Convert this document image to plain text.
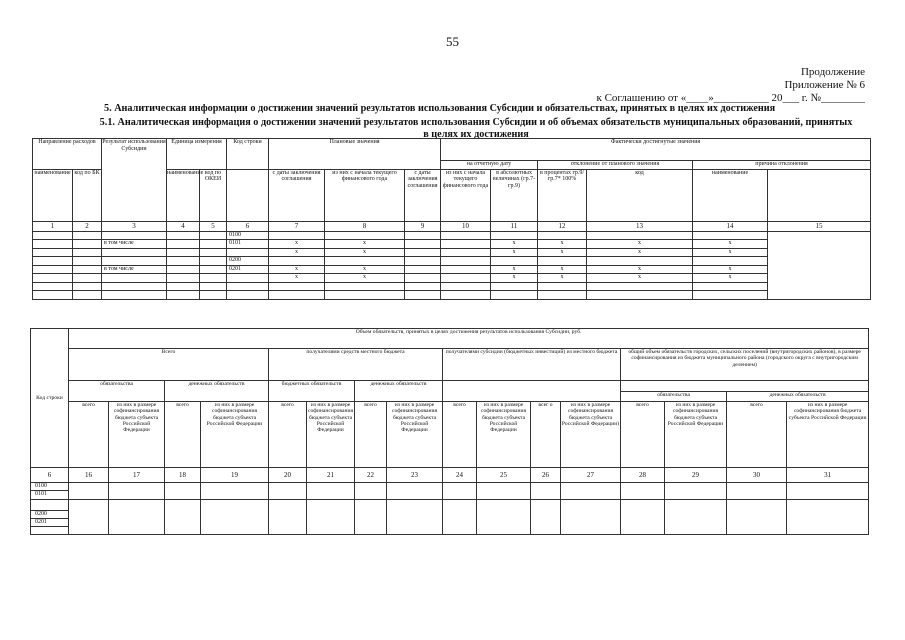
55
Продолжение
Приложение № 6
к Соглашению от «____»__________ 20___ г. №________
5. Аналитическая информации о достижении значений результатов использования Субсидии и обязательствах, принятых в целях их достижения
5.1. Аналитическая информация о достижении значений результатов использования Субсидии и об объемах обязательств муниципальных образований, принятых в целях их достижения
Направление расходов		Результат использования Субсидии	Единица измерения		Код строки	Плановые значения			Фактически достигнутые значения						

									на отчетную дату		отклонение от планового значения		причина отклонения	
наименование	код по БК		наименование	код по ОКЕИ		с даты заключения соглашения	из них с начала текущего финансового года	с даты заключения соглашения	из них с начала текущего финансового года	в абсолютных величинах (гр.7-гр.9)	в процентах гр.9/гр.7* 100%	код	наименование		
1	2	3	4	5	6	7	8	9	10	11	12	13	14	15	
					0100										
		в том числе			0101	x	x			x	x	x	x		
						x	x			x	x	x	x		
					0200										
		в том числе			0201	x	x			x	x	x	x		
						x	x			x	x	x	x		

Код строки	Объем обязательств, принятых в целях достижения результатов использования Субсидии, руб.															
	Всего				получателями средств местного бюджета				получателями субсидии (бюджетных инвестиций) из местного бюджета				общий объем обязательств городских, сельских поселений (внутригородских районов), в размере софинансирования из бюджета муниципального района (городского округа с внутригородским делением)			
	обязательства		денежных обязательств		бюджетных обязательств		денежных обязательств									
													обязательства		денежных обязательств	
	всего	из них в размере софинансирования бюджета субъекта Российской Федерации	всего	из них в размере софинансирования бюджета субъекта Российской Федерации	всего	из них в размере софинансирования бюджета субъекта Российской Федерации	всего	из них в размере софинансирования бюджета субъекта Российской Федерации	всего	из них в размере софинансирования бюджета субъекта Российской Федерации	всег о	из них в размере софинансирования бюджета субъекта Российской Федерации)	всего	из них в размере софинансирования бюджета субъекта Российской Федерации	всего	из них в размере софинансирования бюджета субъекта Российской Федерации
6	16	17	18	19	20	21	22	23	24	25	26	27	28	29	30	31
0100																
0101																

0200																
0201																
